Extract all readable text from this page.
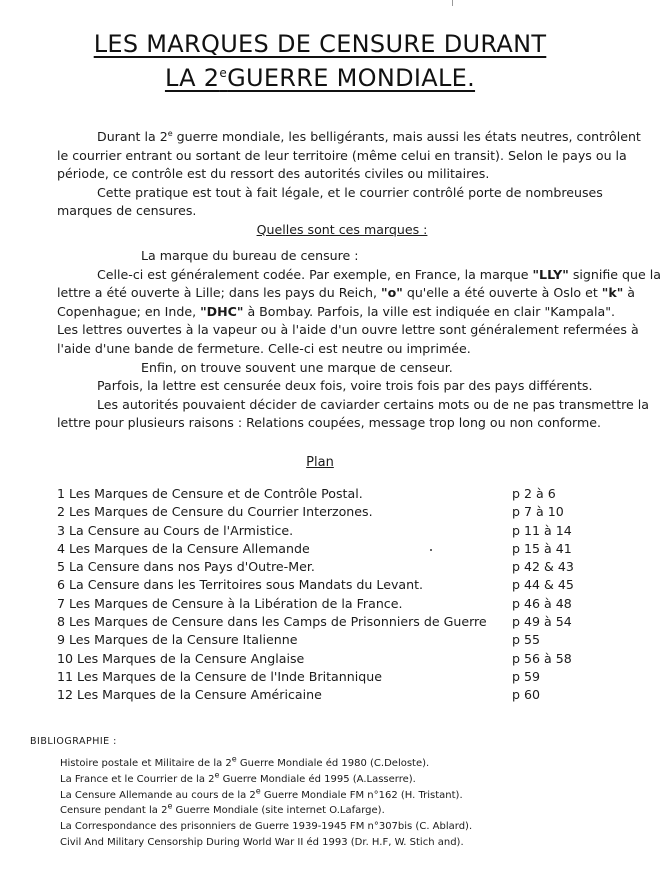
LES MARQUES DE CENSURE DURANT
LA 2eGUERRE MONDIALE.
Durant la 2e guerre mondiale, les belligérants, mais aussi les états neutres, contrôlent
le courrier entrant ou sortant de leur territoire (même celui en transit). Selon le pays ou la
période, ce contrôle est du ressort des autorités civiles ou militaires.
Cette pratique est tout à fait légale, et le courrier contrôlé porte de nombreuses
marques de censures.
Quelles sont ces marques :
La marque du bureau de censure :
Celle-ci est généralement codée. Par exemple, en France, la marque "LLY" signifie que la
lettre a été ouverte à Lille; dans les pays du Reich, "o" qu'elle a été ouverte à Oslo et "k" à
Copenhague; en Inde, "DHC" à Bombay. Parfois, la ville est indiquée en clair "Kampala".
Les lettres ouvertes à la vapeur ou à l'aide d'un ouvre lettre sont généralement refermées à
l'aide d'une bande de fermeture. Celle-ci est neutre ou imprimée.
Enfin, on trouve souvent une marque de censeur.
Parfois, la lettre est censurée deux fois, voire trois fois par des pays différents.
Les autorités pouvaient décider de caviarder certains mots ou de ne pas transmettre la
lettre pour plusieurs raisons : Relations coupées, message trop long ou non conforme.
Plan
1 Les Marques de Censure et de Contrôle Postal.	p 2 à 6
2 Les Marques de Censure du Courrier Interzones.	p 7 à 10
3 La Censure au Cours de l'Armistice.	p 11 à 14
4 Les Marques de la Censure Allemande	p 15 à 41
5 La Censure dans nos Pays d'Outre-Mer.	p 42 & 43
6 La Censure dans les Territoires sous Mandats du Levant.	p 44 & 45
7 Les Marques de Censure à la Libération de la France.	p 46 à 48
8 Les Marques de Censure dans les Camps de Prisonniers de Guerre p 49 à 54
9 Les Marques de la Censure Italienne	p 55
10 Les Marques de la Censure Anglaise	p 56 à 58
11 Les Marques de la Censure de l'Inde Britannique	p 59
12 Les Marques de la Censure Américaine	p 60
BIBLIOGRAPHIE :
Histoire postale et Militaire de la 2e Guerre Mondiale éd 1980 (C.Deloste).
La France et le Courrier de la 2e Guerre Mondiale éd 1995 (A.Lasserre).
La Censure Allemande au cours de la 2e Guerre Mondiale FM n°162 (H. Tristant).
Censure pendant la 2e Guerre Mondiale (site internet O.Lafarge).
La Correspondance des prisonniers de Guerre 1939-1945 FM n°307bis (C. Ablard).
Civil And Military Censorship During World War II éd 1993 (Dr. H.F, W. Stich and).
